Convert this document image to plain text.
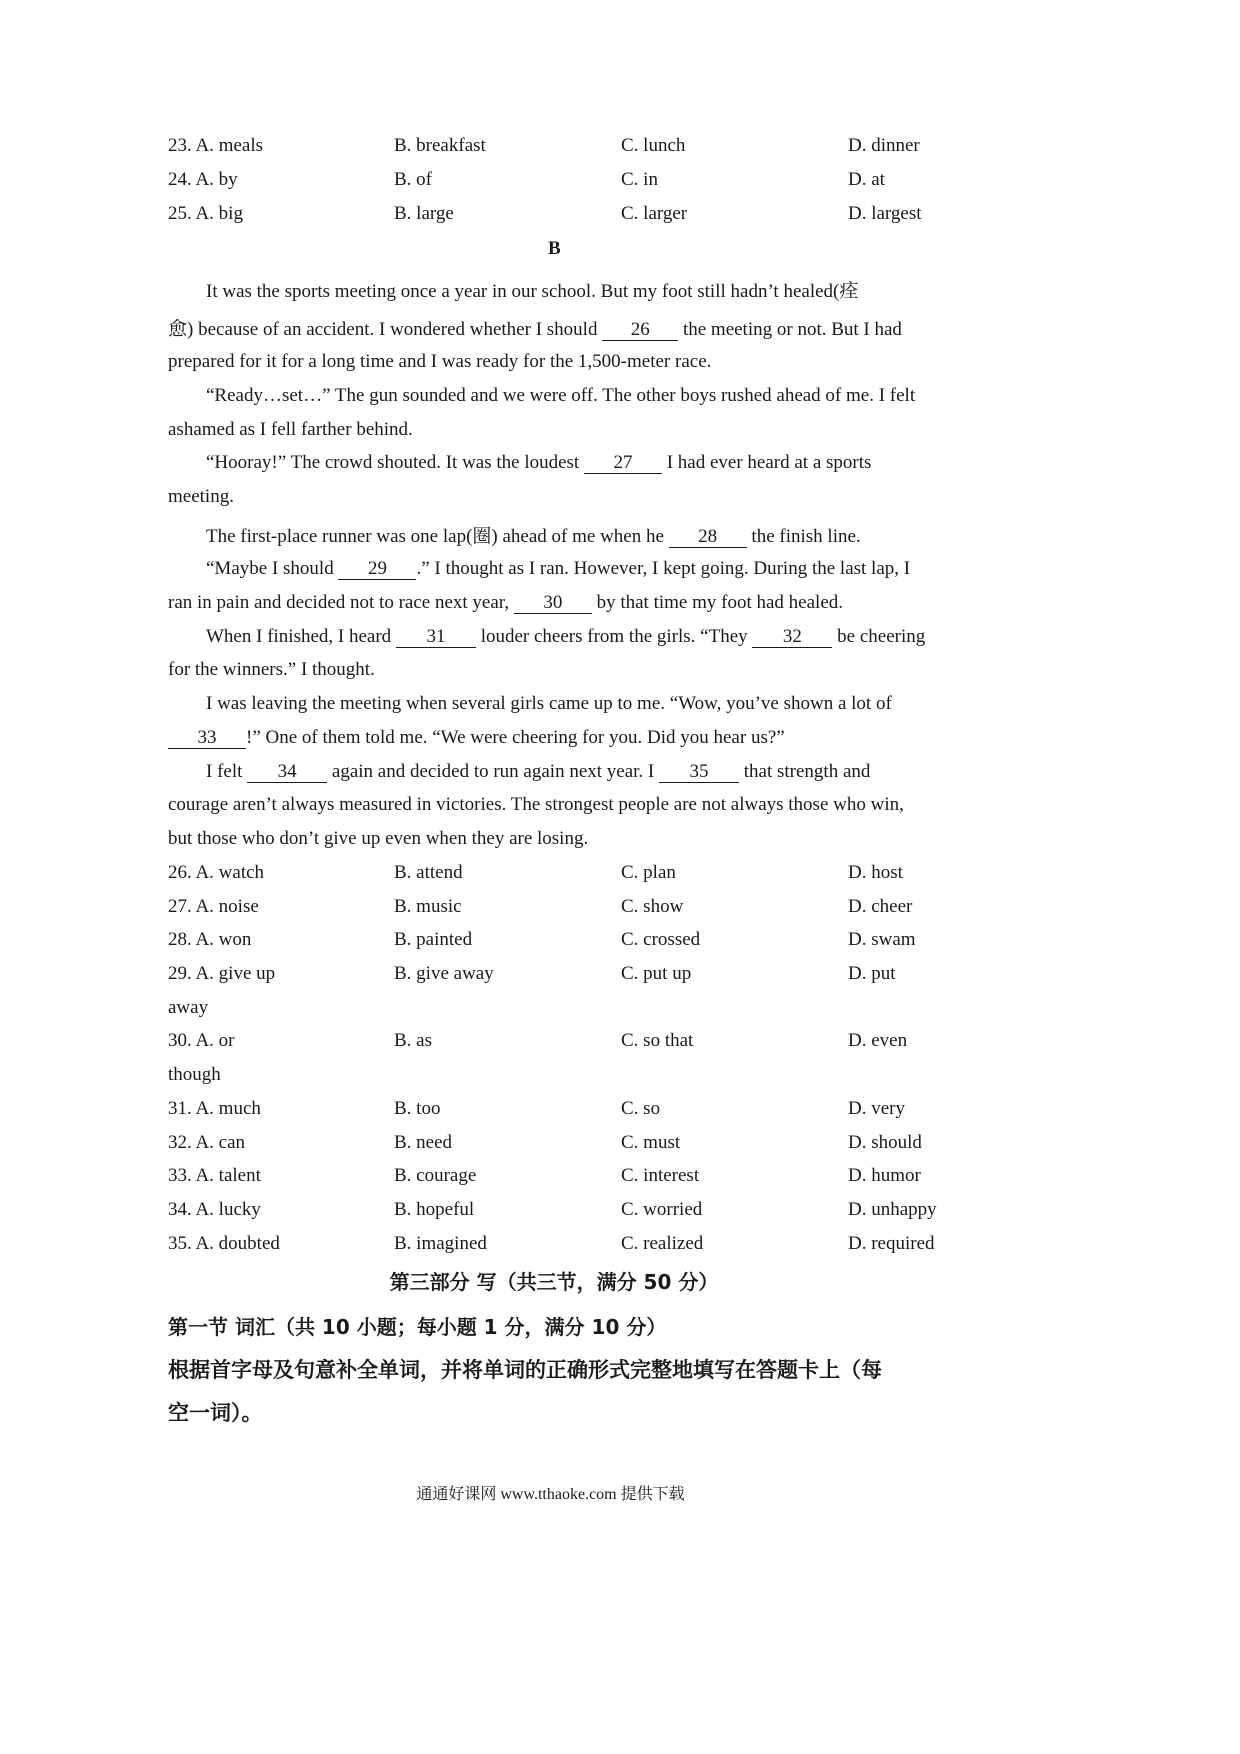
23. A. meals	B. breakfast	C. lunch	D. dinner
24. A. by	B. of	C. in	D. at
25. A. big	B. large	C. larger	D. largest
B
It was the sports meeting once a year in our school. But my foot still hadn’t healed(痊
愈) because of an accident. I wondered whether I should 26 the meeting or not. But I had
prepared for it for a long time and I was ready for the 1,500-meter race.
“Ready…set…” The gun sounded and we were off. The other boys rushed ahead of me. I felt
ashamed as I fell farther behind.
“Hooray!” The crowd shouted. It was the loudest 27 I had ever heard at a sports
meeting.
The first-place runner was one lap(圈) ahead of me when he 28 the finish line.
“Maybe I should 29 .” I thought as I ran. However, I kept going. During the last lap, I
ran in pain and decided not to race next year, 30 by that time my foot had healed.
When I finished, I heard 31 louder cheers from the girls. “They 32 be cheering
for the winners.” I thought.
I was leaving the meeting when several girls came up to me. “Wow, you’ve shown a lot of
33 !” One of them told me. “We were cheering for you. Did you hear us?”
I felt 34 again and decided to run again next year. I 35 that strength and
courage aren’t always measured in victories. The strongest people are not always those who win,
but those who don’t give up even when they are losing.
26. A. watch	B. attend	C. plan	D. host
27. A. noise	B. music	C. show	D. cheer
28. A. won	B. painted	C. crossed	D. swam
29. A. give up	B. give away	C. put up	D. put
away
30. A. or	B. as	C. so that	D. even
though
31. A. much	B. too	C. so	D. very
32. A. can	B. need	C. must	D. should
33. A. talent	B. courage	C. interest	D. humor
34. A. lucky	B. hopeful	C. worried	D. unhappy
35. A. doubted	B. imagined	C. realized	D. required
第三部分 写（共三节，满分 50 分）
第一节 词汇（共 10 小题；每小题 1 分，满分 10 分）
根据首字母及句意补全单词，并将单词的正确形式完整地填写在答题卡上（每
空一词）。
通通好课网 www.tthaoke.com 提供下载
